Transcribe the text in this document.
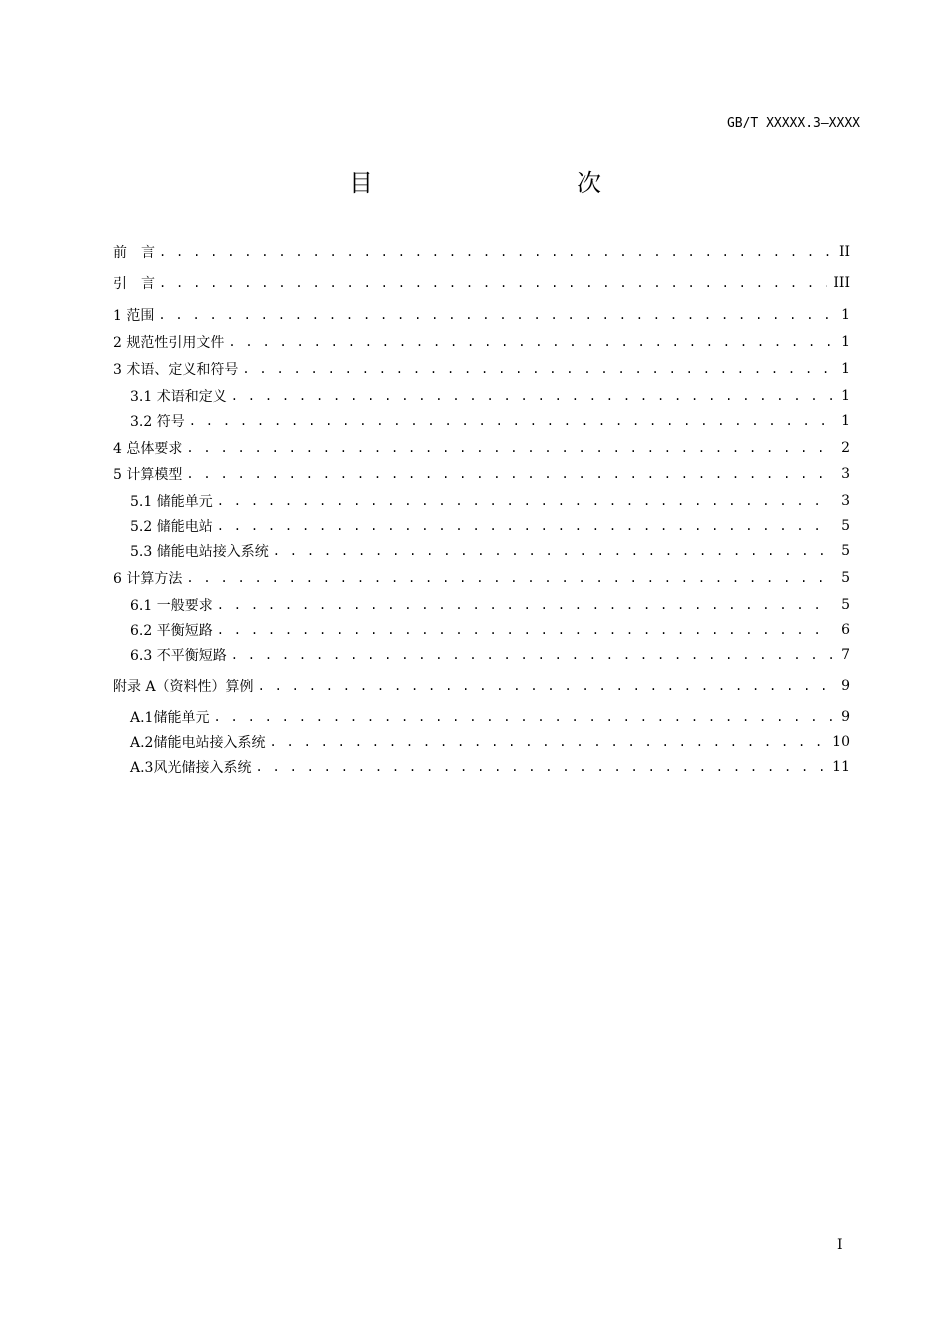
GB/T XXXXX.3—XXXX
目　　次
前　言 . . .	II
引　言 . . .	III
1 范围 . . .	1
2 规范性引用文件 . . .	1
3 术语、定义和符号 . . .	1
3.1 术语和定义 . . .	1
3.2 符号 . . .	1
4 总体要求 . . .	2
5 计算模型 . . .	3
5.1 储能单元 . . .	3
5.2 储能电站 . . .	5
5.3 储能电站接入系统 . . .	5
6 计算方法 . . .	5
6.1 一般要求 . . .	5
6.2 平衡短路 . . .	6
6.3 不平衡短路 . . .	7
附录 A（资料性）算例 . . .	9
A.1储能单元 . . .	9
A.2储能电站接入系统 . . .	10
A.3风光储接入系统 . . .	11
I
